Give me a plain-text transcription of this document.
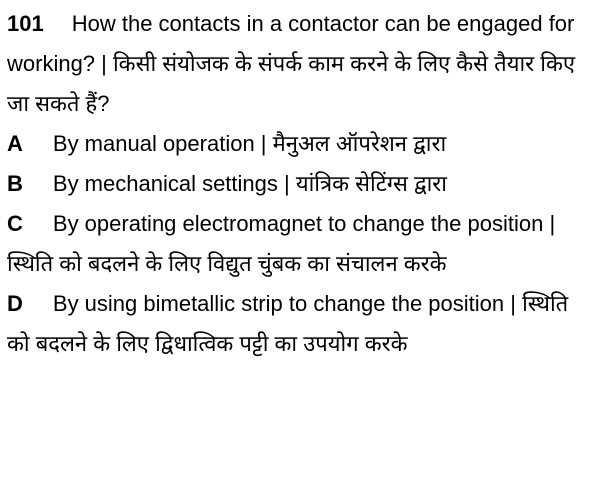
101 How the contacts in a contactor can be engaged for working? | किसी संयोजक के संपर्क काम करने के लिए कैसे तैयार किए जा सकते हैं?
A By manual operation | मैनुअल ऑपरेशन द्वारा
B By mechanical settings | यांत्रिक सेटिंग्स द्वारा
C By operating electromagnet to change the position | स्थिति को बदलने के लिए विद्युत चुंबक का संचालन करके
D By using bimetallic strip to change the position | स्थिति को बदलने के लिए द्विधात्विक पट्टी का उपयोग करके
